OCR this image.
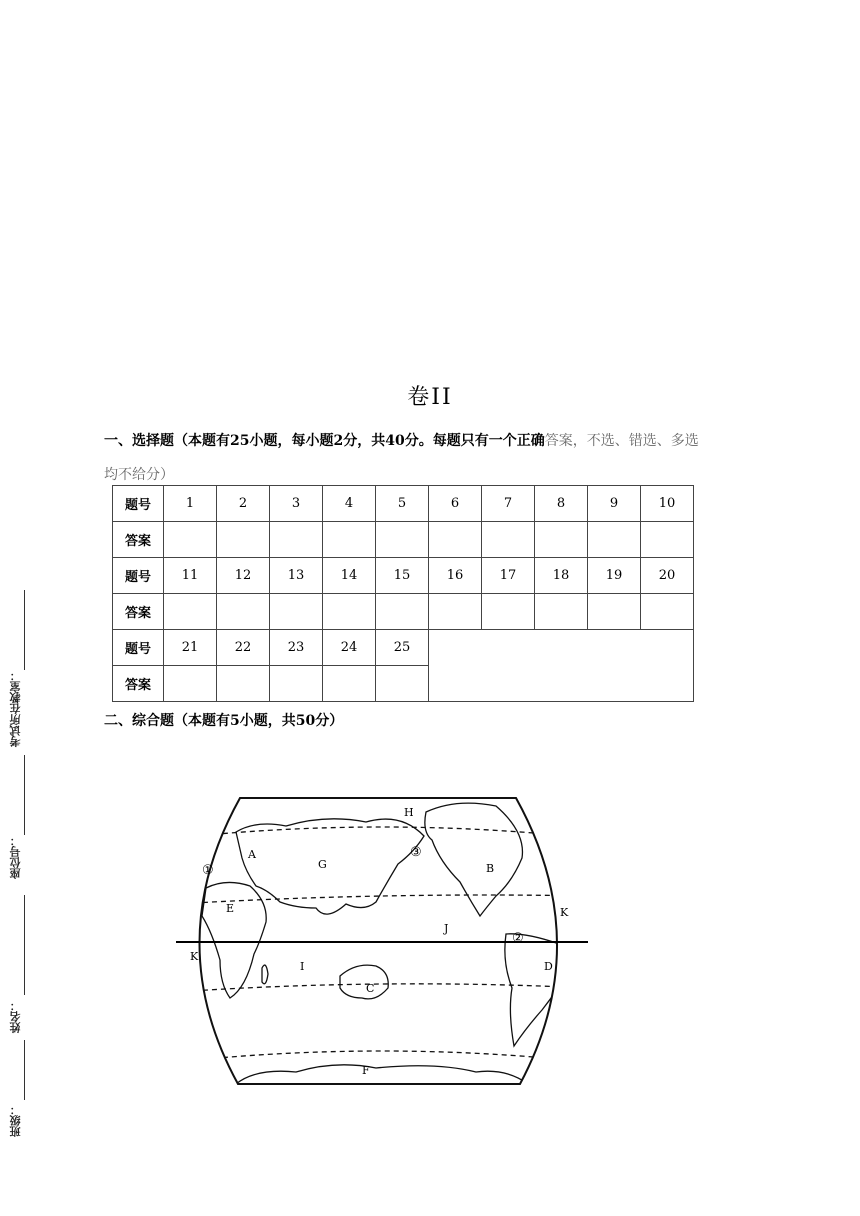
卷II
一、选择题（本题有25小题，每小题2分，共40分。每题只有一个正确答案，不选、错选、多选
均不给分）
题号	1	2	3	4	5	6	7	8	9	10
答案										
题号	11	12	13	14	15	16	17	18	19	20
答案										
题号	21	22	23	24	25					
答案										
二、综合题（本题有5小题，共50分）
A
B
C
D
E
F
G
H
I
J
K
K
①
②
③
考试所在教室：
座位号：
姓名：
班级：
